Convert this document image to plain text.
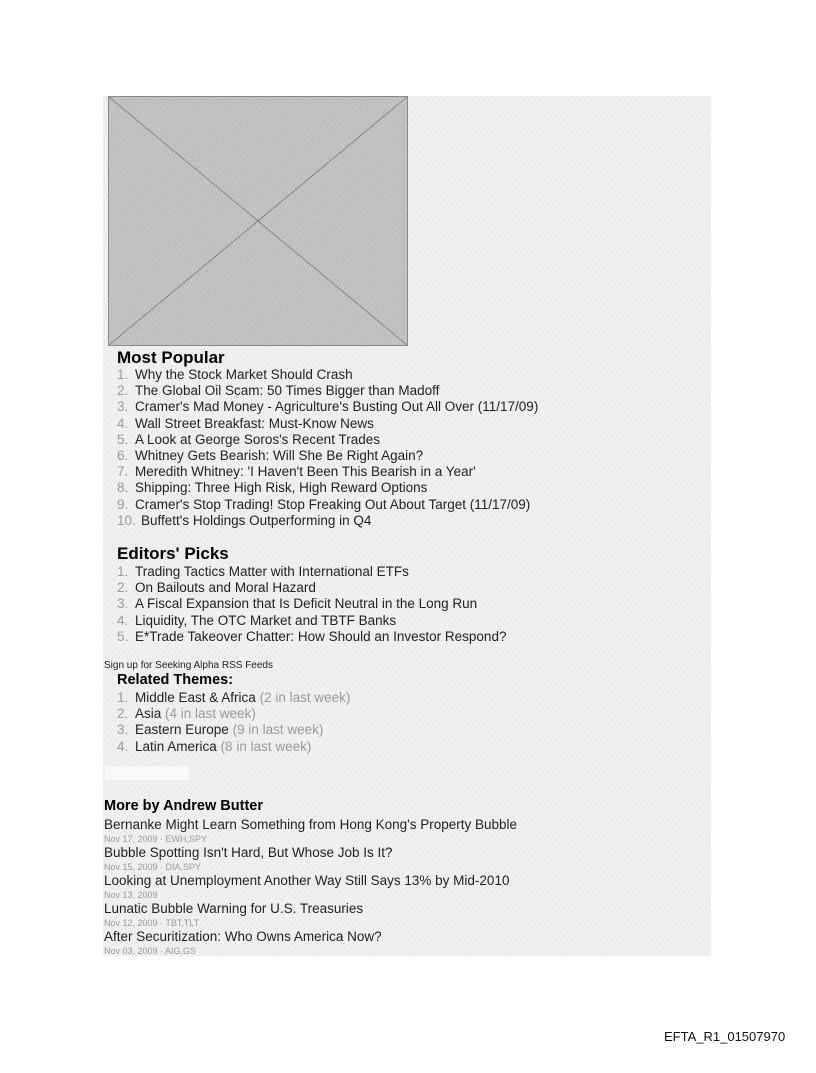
Most Popular
1. Why the Stock Market Should Crash
2. The Global Oil Scam: 50 Times Bigger than Madoff
3. Cramer's Mad Money - Agriculture's Busting Out All Over (11/17/09)
4. Wall Street Breakfast: Must-Know News
5. A Look at George Soros's Recent Trades
6. Whitney Gets Bearish: Will She Be Right Again?
7. Meredith Whitney: 'I Haven't Been This Bearish in a Year'
8. Shipping: Three High Risk, High Reward Options
9. Cramer's Stop Trading! Stop Freaking Out About Target (11/17/09)
10. Buffett's Holdings Outperforming in Q4
Editors' Picks
1. Trading Tactics Matter with International ETFs
2. On Bailouts and Moral Hazard
3. A Fiscal Expansion that Is Deficit Neutral in the Long Run
4. Liquidity, The OTC Market and TBTF Banks
5. E*Trade Takeover Chatter: How Should an Investor Respond?
Sign up for Seeking Alpha RSS Feeds
Related Themes:
1. Middle East & Africa (2 in last week)
2. Asia (4 in last week)
3. Eastern Europe (9 in last week)
4. Latin America (8 in last week)
More by Andrew Butter
Bernanke Might Learn Something from Hong Kong's Property Bubble
Nov 17, 2009 · EWH,SPY
Bubble Spotting Isn't Hard, But Whose Job Is It?
Nov 15, 2009 · DIA,SPY
Looking at Unemployment Another Way Still Says 13% by Mid-2010
Nov 13, 2009
Lunatic Bubble Warning for U.S. Treasuries
Nov 12, 2009 · TBT,TLT
After Securitization: Who Owns America Now?
Nov 03, 2009 · AIG,GS
EFTA_R1_01507970
